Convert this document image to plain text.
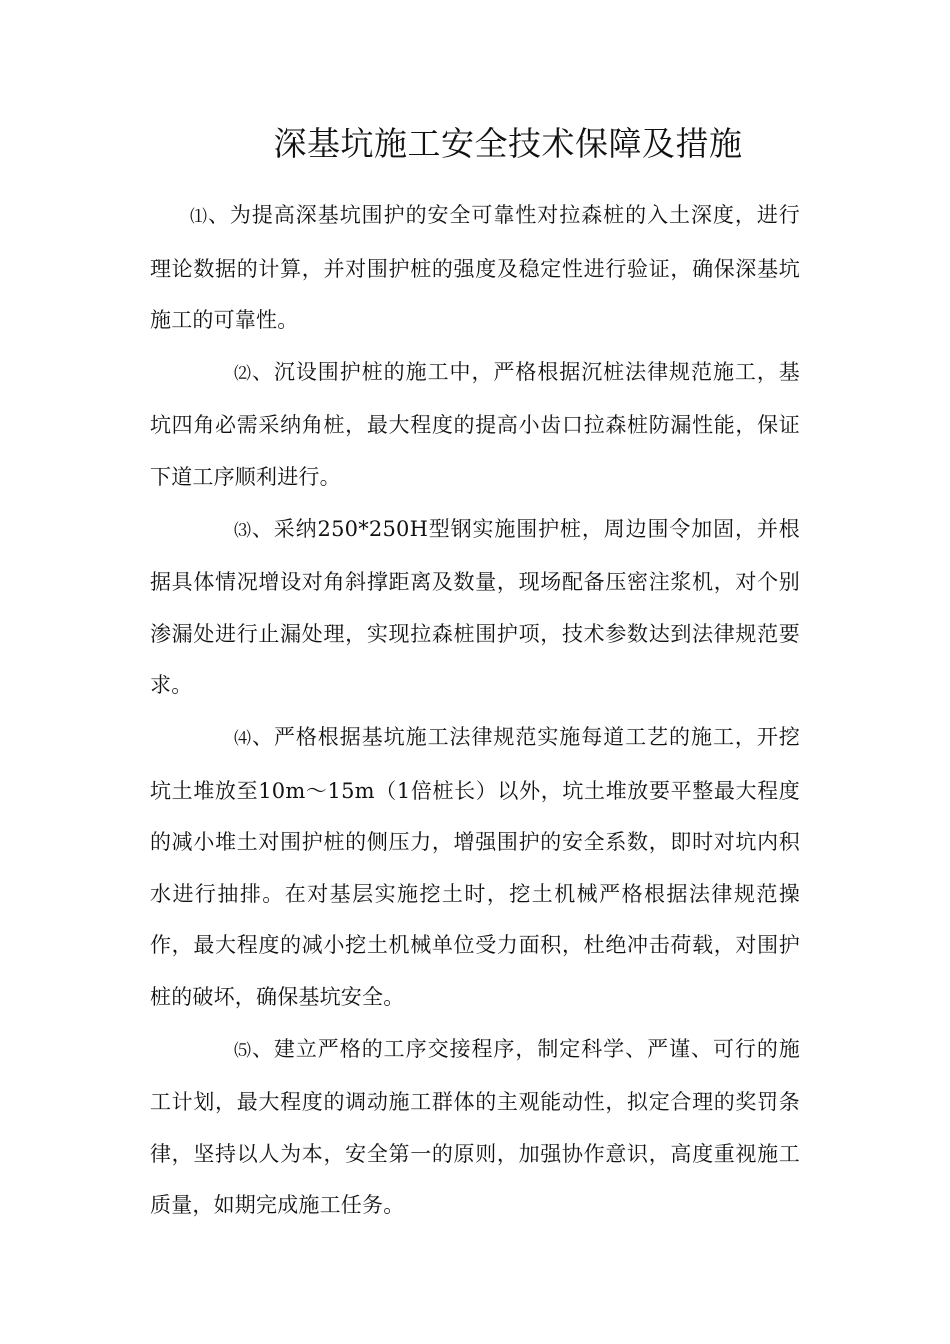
深基坑施工安全技术保障及措施

⑴、为提高深基坑围护的安全可靠性对拉森桩的入土深度，进行理论数据的计算，并对围护桩的强度及稳定性进行验证，确保深基坑施工的可靠性。

⑵、沉设围护桩的施工中，严格根据沉桩法律规范施工，基坑四角必需采纳角桩，最大程度的提高小齿口拉森桩防漏性能，保证下道工序顺利进行。

⑶、采纳250*250H型钢实施围护桩，周边围令加固，并根据具体情况增设对角斜撑距离及数量，现场配备压密注浆机，对个别渗漏处进行止漏处理，实现拉森桩围护项，技术参数达到法律规范要求。

⑷、严格根据基坑施工法律规范实施每道工艺的施工，开挖坑土堆放至10m～15m（1倍桩长）以外，坑土堆放要平整最大程度的减小堆土对围护桩的侧压力，增强围护的安全系数，即时对坑内积水进行抽排。在对基层实施挖土时，挖土机械严格根据法律规范操作，最大程度的减小挖土机械单位受力面积，杜绝冲击荷载，对围护桩的破坏，确保基坑安全。

⑸、建立严格的工序交接程序，制定科学、严谨、可行的施工计划，最大程度的调动施工群体的主观能动性，拟定合理的奖罚条律，坚持以人为本，安全第一的原则，加强协作意识，高度重视施工质量，如期完成施工任务。
